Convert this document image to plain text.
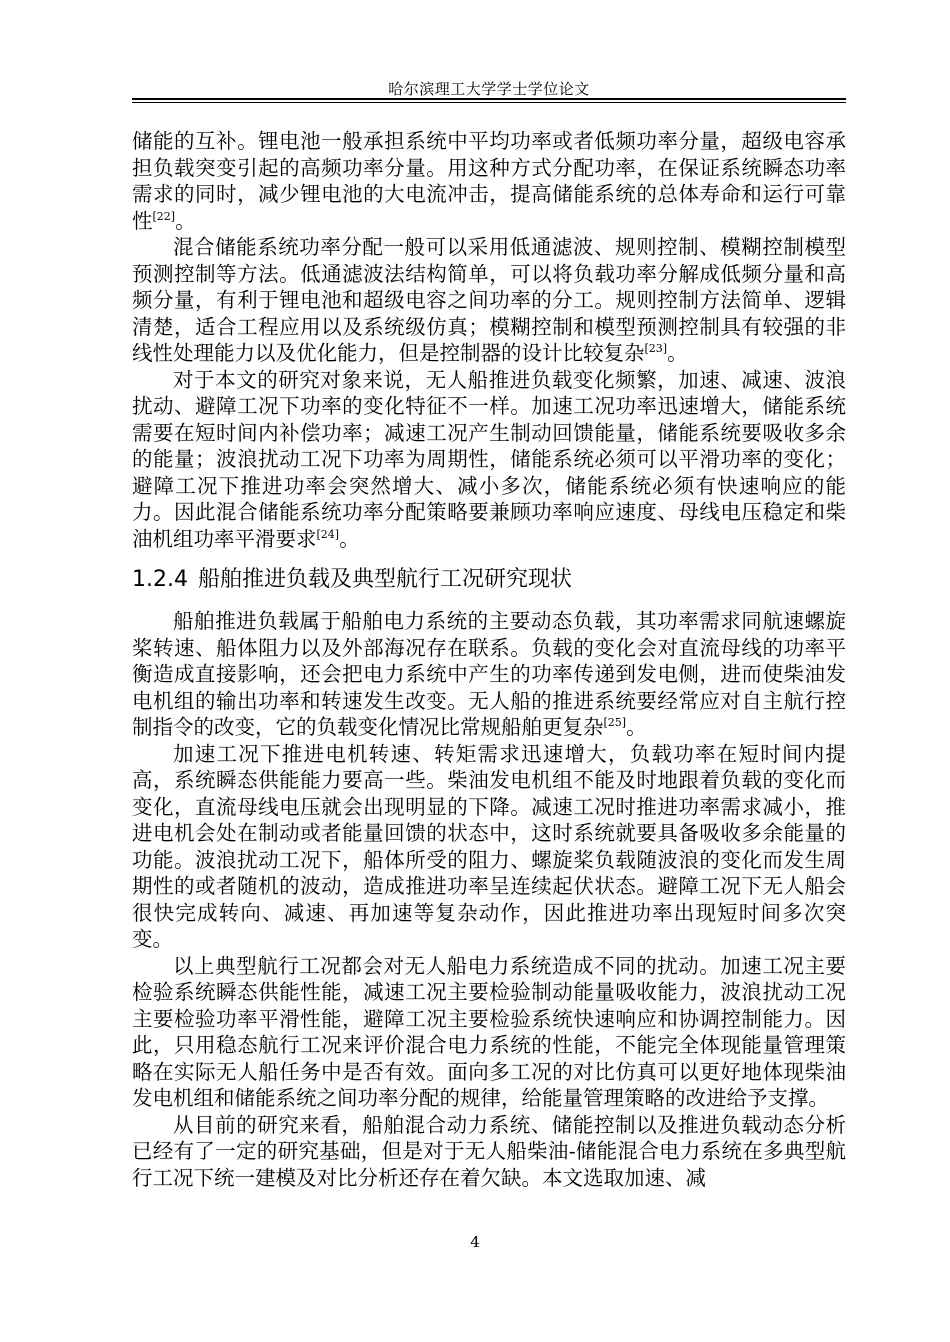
哈尔滨理工大学学士学位论文

储能的互补。锂电池一般承担系统中平均功率或者低频功率分量，超级电容承担负载突变引起的高频功率分量。用这种方式分配功率，在保证系统瞬态功率需求的同时，减少锂电池的大电流冲击，提高储能系统的总体寿命和运行可靠性[22]。

混合储能系统功率分配一般可以采用低通滤波、规则控制、模糊控制模型预测控制等方法。低通滤波法结构简单，可以将负载功率分解成低频分量和高频分量，有利于锂电池和超级电容之间功率的分工。规则控制方法简单、逻辑清楚，适合工程应用以及系统级仿真；模糊控制和模型预测控制具有较强的非线性处理能力以及优化能力，但是控制器的设计比较复杂[23]。

对于本文的研究对象来说，无人船推进负载变化频繁，加速、减速、波浪扰动、避障工况下功率的变化特征不一样。加速工况功率迅速增大，储能系统需要在短时间内补偿功率；减速工况产生制动回馈能量，储能系统要吸收多余的能量；波浪扰动工况下功率为周期性，储能系统必须可以平滑功率的变化；避障工况下推进功率会突然增大、减小多次，储能系统必须有快速响应的能力。因此混合储能系统功率分配策略要兼顾功率响应速度、母线电压稳定和柴油机组功率平滑要求[24]。

1.2.4 船舶推进负载及典型航行工况研究现状

船舶推进负载属于船舶电力系统的主要动态负载，其功率需求同航速螺旋桨转速、船体阻力以及外部海况存在联系。负载的变化会对直流母线的功率平衡造成直接影响，还会把电力系统中产生的功率传递到发电侧，进而使柴油发电机组的输出功率和转速发生改变。无人船的推进系统要经常应对自主航行控制指令的改变，它的负载变化情况比常规船舶更复杂[25]。

加速工况下推进电机转速、转矩需求迅速增大，负载功率在短时间内提高，系统瞬态供能能力要高一些。柴油发电机组不能及时地跟着负载的变化而变化，直流母线电压就会出现明显的下降。减速工况时推进功率需求减小，推进电机会处在制动或者能量回馈的状态中，这时系统就要具备吸收多余能量的功能。波浪扰动工况下，船体所受的阻力、螺旋桨负载随波浪的变化而发生周期性的或者随机的波动，造成推进功率呈连续起伏状态。避障工况下无人船会很快完成转向、减速、再加速等复杂动作，因此推进功率出现短时间多次突变。

以上典型航行工况都会对无人船电力系统造成不同的扰动。加速工况主要检验系统瞬态供能性能，减速工况主要检验制动能量吸收能力，波浪扰动工况主要检验功率平滑性能，避障工况主要检验系统快速响应和协调控制能力。因此，只用稳态航行工况来评价混合电力系统的性能，不能完全体现能量管理策略在实际无人船任务中是否有效。面向多工况的对比仿真可以更好地体现柴油发电机组和储能系统之间功率分配的规律，给能量管理策略的改进给予支撑。

从目前的研究来看，船舶混合动力系统、储能控制以及推进负载动态分析已经有了一定的研究基础，但是对于无人船柴油-储能混合电力系统在多典型航行工况下统一建模及对比分析还存在着欠缺。本文选取加速、减

4
